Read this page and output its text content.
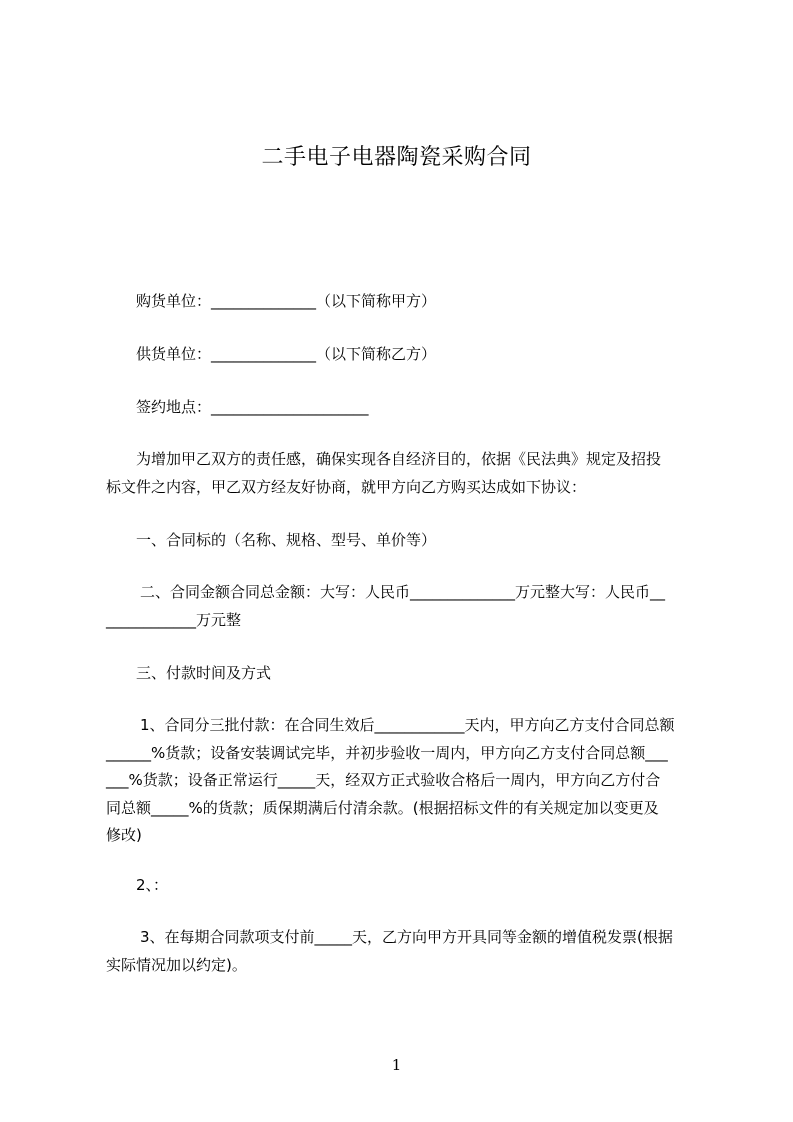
二手电子电器陶瓷采购合同
购货单位：______________（以下简称甲方）
供货单位：______________（以下简称乙方）
签约地点：_____________________
为增加甲乙双方的责任感，确保实现各自经济目的，依据《民法典》规定及招投
标文件之内容，甲乙双方经友好协商，就甲方向乙方购买达成如下协议：
一、合同标的（名称、规格、型号、单价等）
二、合同金额合同总金额：大写：人民币______________万元整大写：人民币__
____________万元整
三、付款时间及方式
1、合同分三批付款：在合同生效后____________天内，甲方向乙方支付合同总额
______%货款；设备安装调试完毕，并初步验收一周内，甲方向乙方支付合同总额___
___%货款；设备正常运行_____天，经双方正式验收合格后一周内，甲方向乙方付合
同总额_____%的货款；质保期满后付清余款。(根据招标文件的有关规定加以变更及
修改)
2、：
3、在每期合同款项支付前_____天，乙方向甲方开具同等金额的增值税发票(根据
实际情况加以约定)。
1
